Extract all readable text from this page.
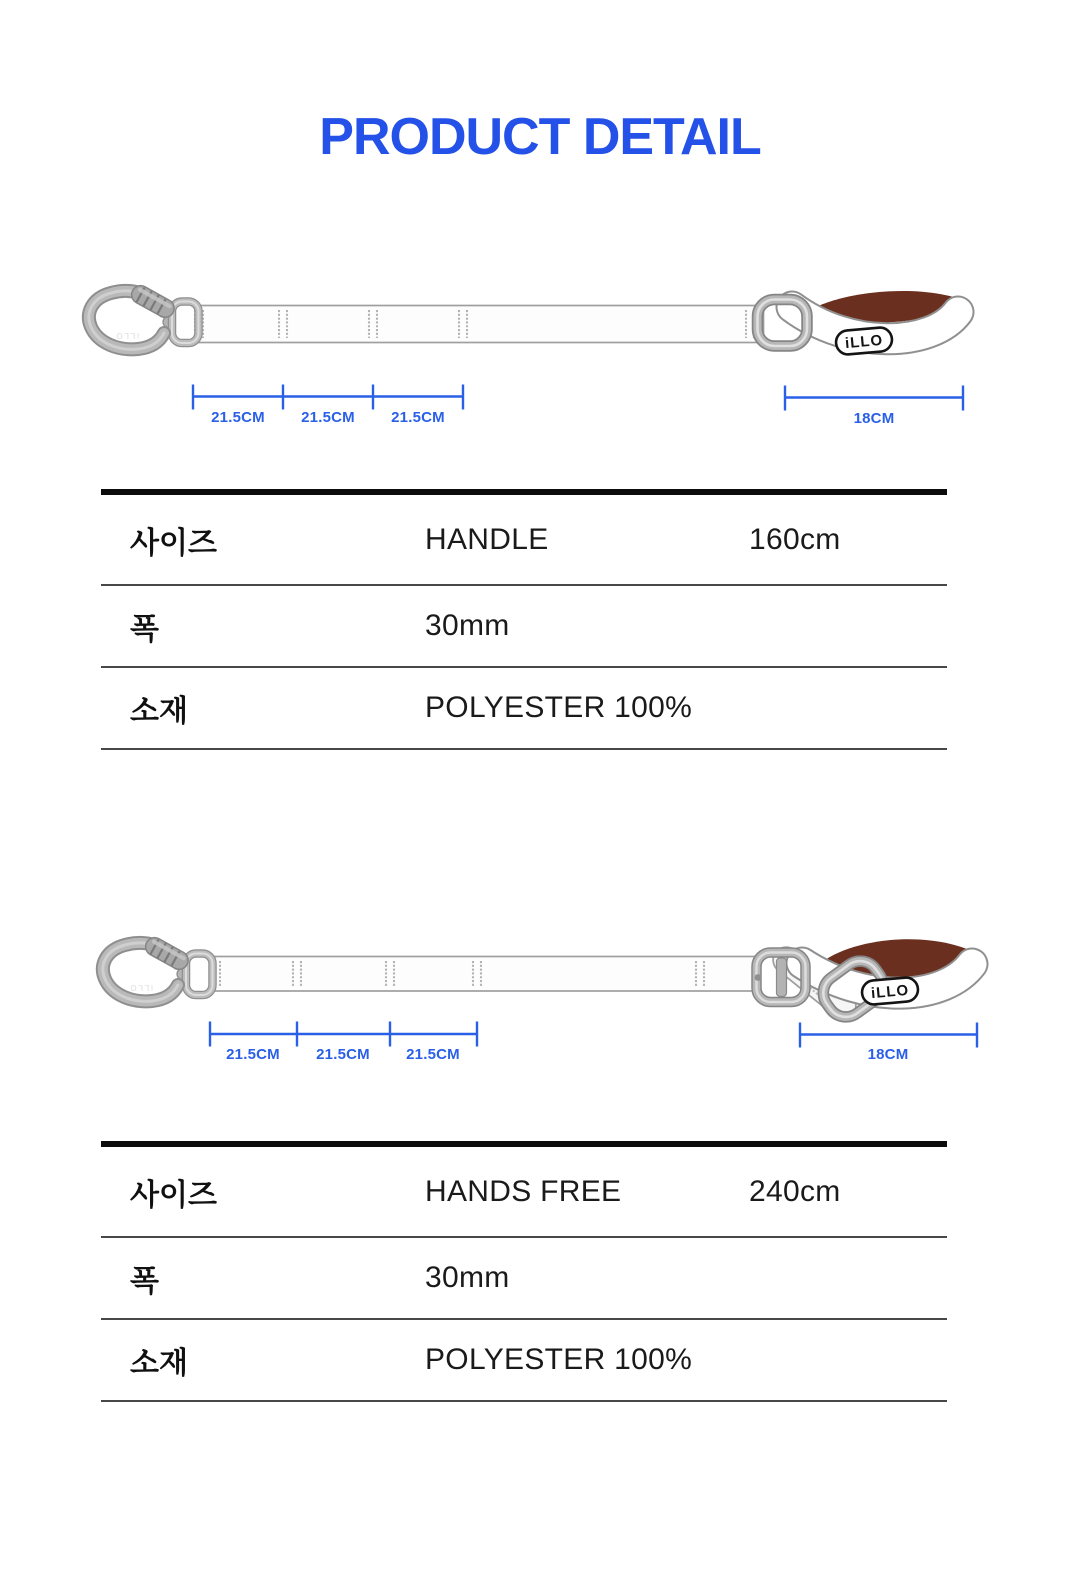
PRODUCT DETAIL
iLLO
21.5CM	21.5CM	21.5CM	18CM
사이즈	HANDLE	160cm
폭	30mm
소재	POLYESTER 100%
iLLO
21.5CM	21.5CM	21.5CM	18CM
사이즈	HANDS FREE	240cm
폭	30mm
소재	POLYESTER 100%
